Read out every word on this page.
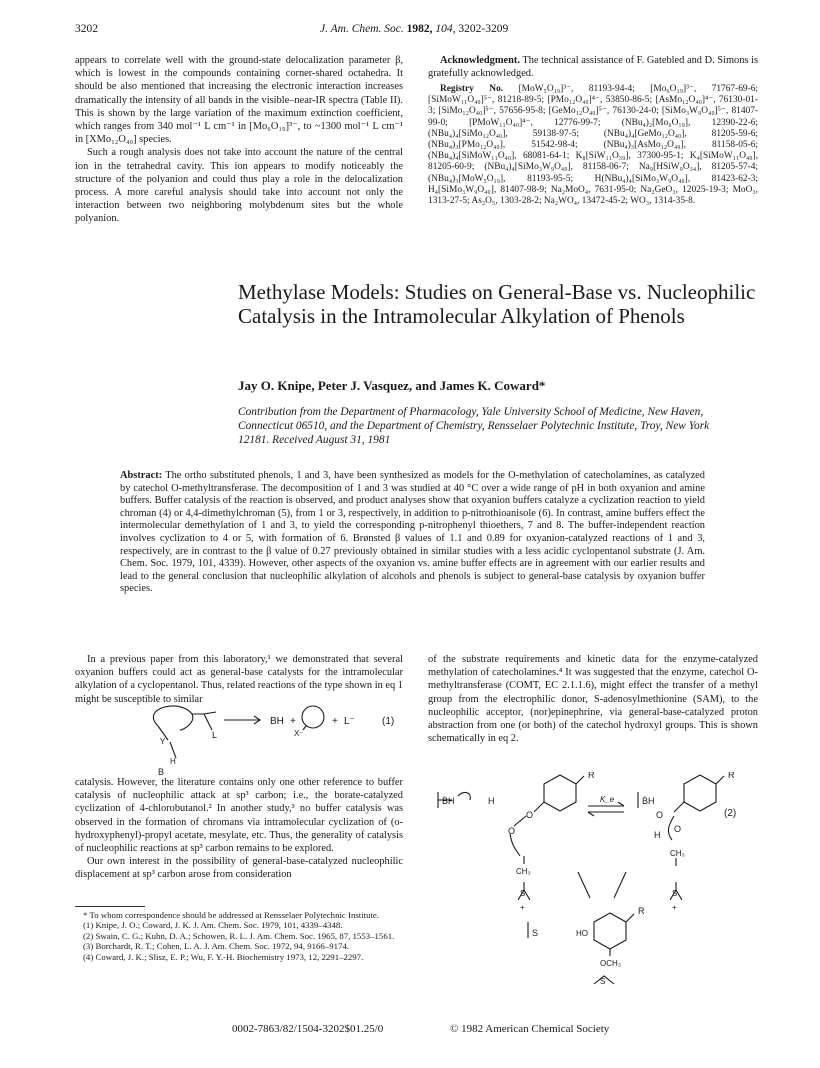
3202	J. Am. Chem. Soc. 1982, 104, 3202-3209

appears to correlate well with the ground-state delocalization parameter β, which is lowest in the compounds containing corner-shared octahedra. It should be also mentioned that increasing the electronic interaction increases dramatically the intensity of all bands in the visible–near-IR spectra (Table II). This is shown by the large variation of the maximum extinction coefficient, which ranges from 340 mol⁻¹ L cm⁻¹ in [Mo₆O₁₉]³⁻, to ~1300 mol⁻¹ L cm⁻¹ in [XMo₁₂O₄₀] species.

Such a rough analysis does not take into account the nature of the central ion in the tetrahedral cavity. This ion appears to modify noticeably the structure of the polyanion and could thus play a role in the delocalization process. A more careful analysis should take into account not only the interaction between two neighboring molybdenum sites but the whole polyanion.

Acknowledgment. The technical assistance of F. Gatebled and D. Simons is gratefully acknowledged.

Registry No. [MoW₅O₁₉]³⁻, 81193-94-4; [Mo₆O₁₉]³⁻, 71767-69-6; [SiMoW₁₁O₄₀]⁵⁻, 81218-89-5; [PMo₁₂O₄₀]⁴⁻, 53850-86-5; [AsMo₁₂O₄₀]⁴⁻, 76130-01-3; [SiMo₁₂O₄₀]⁵⁻, 57656-95-8; [GeMo₁₂O₄₀]⁵⁻, 76130-24-0; [SiMo₃W₉O₄₀]⁵⁻, 81407-99-0; [PMoW₁₁O₄₀]⁴⁻, 12776-99-7; (NBu₄)₂[Mo₆O₁₉], 12390-22-6; (NBu₄)₄[SiMo₁₂O₄₀], 59138-97-5; (NBu₄)₄[GeMo₁₂O₄₀], 81205-59-6; (NBu₄)₃[PMo₁₂O₄₀], 51542-98-4; (NBu₄)₃[AsMo₁₂O₄₀], 81158-05-6; (NBu₄)₄[SiMoW₁₁O₄₀], 68081-64-1; K₈[SiW₁₁O₃₉], 37300-95-1; K₄[SiMoW₁₁O₄₀], 81205-60-9; (NBu₄)₄[SiMo₃W₉O₄₀], 81158-06-7; Na₉[HSiW₉O₃₄], 81205-57-4; (NBu₄)₃[MoW₅O₁₉], 81193-95-5; H(NBu₄)₄[SiMo₃W₉O₄₀], 81423-62-3; H₄[SiMo₃W₉O₄₀], 81407-98-9; Na₂MoO₄, 7631-95-0; Na₂GeO₃, 12025-19-3; MoO₃, 1313-27-5; As₂O₅, 1303-28-2; Na₂WO₄, 13472-45-2; WO₃, 1314-35-8.

Methylase Models: Studies on General-Base vs. Nucleophilic Catalysis in the Intramolecular Alkylation of Phenols
Jay O. Knipe, Peter J. Vasquez, and James K. Coward*
Contribution from the Department of Pharmacology, Yale University School of Medicine, New Haven, Connecticut 06510, and the Department of Chemistry, Rensselaer Polytechnic Institute, Troy, New York 12181. Received August 31, 1981
Abstract: The ortho substituted phenols, 1 and 3, have been synthesized as models for the O-methylation of catecholamines, as catalyzed by catechol O-methyltransferase. The decomposition of 1 and 3 was studied at 40 °C over a wide range of pH in both oxyanion and amine buffers. Buffer catalysis of the reaction is observed, and product analyses show that oxyanion buffers catalyze a cyclization reaction to yield chroman (4) or 4,4-dimethylchroman (5), from 1 or 3, respectively, in addition to p-nitrothioanisole (6). In contrast, amine buffers effect the intermolecular demethylation of 1 and 3, to yield the corresponding p-nitrophenyl thioethers, 7 and 8. The buffer-independent reaction involves cyclization to 4 or 5, with formation of 6. Brønsted β values of 1.1 and 0.89 for oxyanion-catalyzed reactions of 1 and 3, respectively, are in contrast to the β value of 0.27 previously obtained in similar studies with a less acidic cyclopentanol substrate (J. Am. Chem. Soc. 1979, 101, 4339). However, other aspects of the oxyanion vs. amine buffer effects are in agreement with our earlier results and lead to the general conclusion that nucleophilic alkylation of alcohols and phenols is subject to general-base catalysis by oxyanion buffer species.

In a previous paper from this laboratory,¹ we demonstrated that several oxyanion buffers could act as general-base catalysts for the intramolecular alkylation of a cyclopentanol. Thus, related reactions of the type shown in eq 1 might be susceptible to similar

Y
L
BH +	+ L⁻
X⁻
H
B
(1)

catalysis. However, the literature contains only one other reference to buffer catalysis of nucleophilic attack at sp³ carbon; i.e., the borate-catalyzed cyclization of 4-chlorobutanol.² In another study,³ no buffer catalysis was observed in the formation of chromans via intramolecular cyclization of (o-hydroxyphenyl)-propyl acetate, mesylate, etc. Thus, the generality of catalysis of nucleophilic reactions at sp³ carbon remains to be explored.

Our own interest in the possibility of general-base-catalyzed nucleophilic displacement at sp³ carbon arose from consideration

* To whom correspondence should be addressed at Rensselaer Polytechnic Institute.
(1) Knipe, J. O.; Coward, J. K. J. Am. Chem. Soc. 1979, 101, 4339–4348.
(2) Swain, C. G.; Kuhn, D. A.; Schowen, R. L. J. Am. Chem. Soc. 1965, 87, 1553–1561.
(3) Borchardt, R. T.; Cohen, L. A. J. Am. Chem. Soc. 1972, 94, 9166–9174.
(4) Coward, J. K.; Slisz, E. P.; Wu, F. Y.-H. Biochemistry 1973, 12, 2291–2297.

of the substrate requirements and kinetic data for the enzyme-catalyzed methylation of catecholamines.⁴ It was suggested that the enzyme, catechol O-methyltransferase (COMT, EC 2.1.1.6), might effect the transfer of a methyl group from the electrophilic donor, S-adenosylmethionine (SAM), to the nucleophilic acceptor, (nor)epinephrine, via general-base-catalyzed proton abstraction from one (or both) of the catechol hydroxyl groups. This is shown schematically in eq 2.

ḂH
R
H
O
O
CH₃
S
+
K_e	ḂH
R
O
H
O
CH₃
S
+
(2)
S	HO
R
OCH₃
S
0002-7863/82/1504-3202$01.25/0	© 1982 American Chemical Society
